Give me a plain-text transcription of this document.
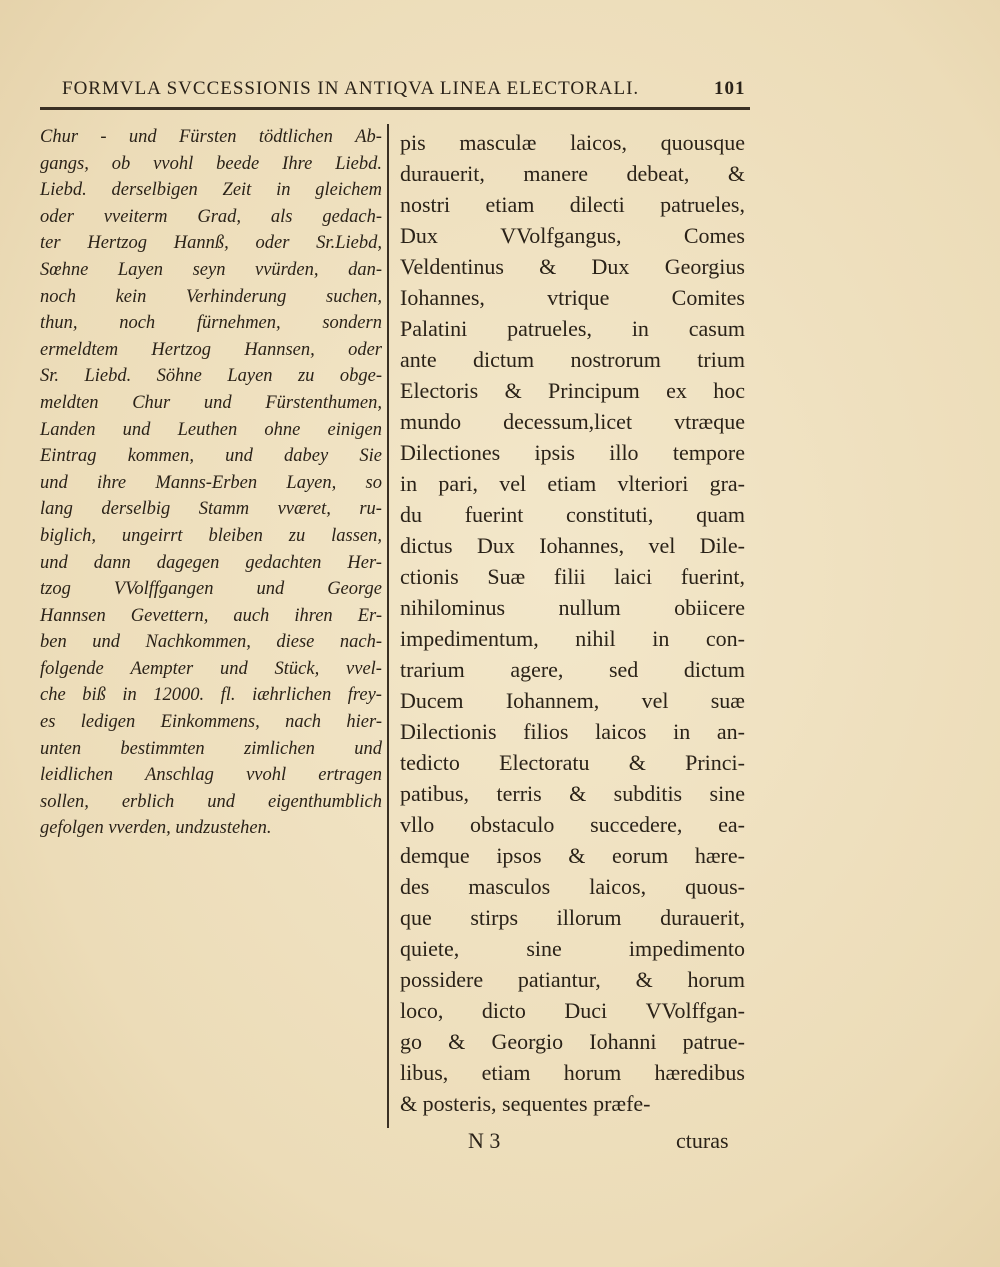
FORMVLA SVCCESSIONIS IN ANTIQVA LINEA ELECTORALI.	101
Chur - und Fürsten tödtlichen Ab-
gangs, ob vvohl beede Ihre Liebd.
Liebd. derselbigen Zeit in gleichem
oder vveiterm Grad, als gedach-
ter Hertzog Hannß, oder Sr.Liebd,
Sœhne Layen seyn vvürden, dan-
noch kein Verhinderung suchen,
thun, noch fürnehmen, sondern
ermeldtem Hertzog Hannsen, oder
Sr. Liebd. Söhne Layen zu obge-
meldten Chur und Fürstenthumen,
Landen und Leuthen ohne einigen
Eintrag kommen, und dabey Sie
und ihre Manns-Erben Layen, so
lang derselbig Stamm vværet, ru-
biglich, ungeirrt bleiben zu lassen,
und dann dagegen gedachten Her-
tzog VVolffgangen und George
Hannsen Gevettern, auch ihren Er-
ben und Nachkommen, diese nach-
folgende Aempter und Stück, vvel-
che biß in 12000. fl. iæhrlichen frey-
es ledigen Einkommens, nach hier-
unten bestimmten zimlichen und
leidlichen Anschlag vvohl ertragen
sollen, erblich und eigenthumblich
gefolgen vverden, undzustehen.
pis masculæ laicos, quousque
durauerit, manere debeat, &
nostri etiam dilecti patrueles,
Dux	VVolfgangus,	Comes
Veldentinus & Dux Georgius
Iohannes,	vtrique	Comites
Palatini patrueles, in casum
ante dictum nostrorum trium
Electoris & Principum ex hoc
mundo decessum,licet vtræque
Dilectiones ipsis illo tempore
in pari, vel etiam vlteriori gra-
du fuerint constituti, quam
dictus Dux Iohannes, vel Dile-
ctionis Suæ filii laici fuerint,
nihilominus nullum obiicere
impedimentum, nihil in con-
trarium agere, sed dictum
Ducem Iohannem, vel suæ
Dilectionis filios laicos in an-
tedicto Electoratu & Princi-
patibus, terris & subditis sine
vllo obstaculo succedere, ea-
demque ipsos & eorum hære-
des masculos laicos, quous-
que stirps illorum durauerit,
quiete,	sine	impedimento
possidere patiantur, & horum
loco, dicto Duci VVolffgan-
go & Georgio Iohanni patrue-
libus, etiam horum hæredibus
& posteris, sequentes præfe-
N 3	cturas
